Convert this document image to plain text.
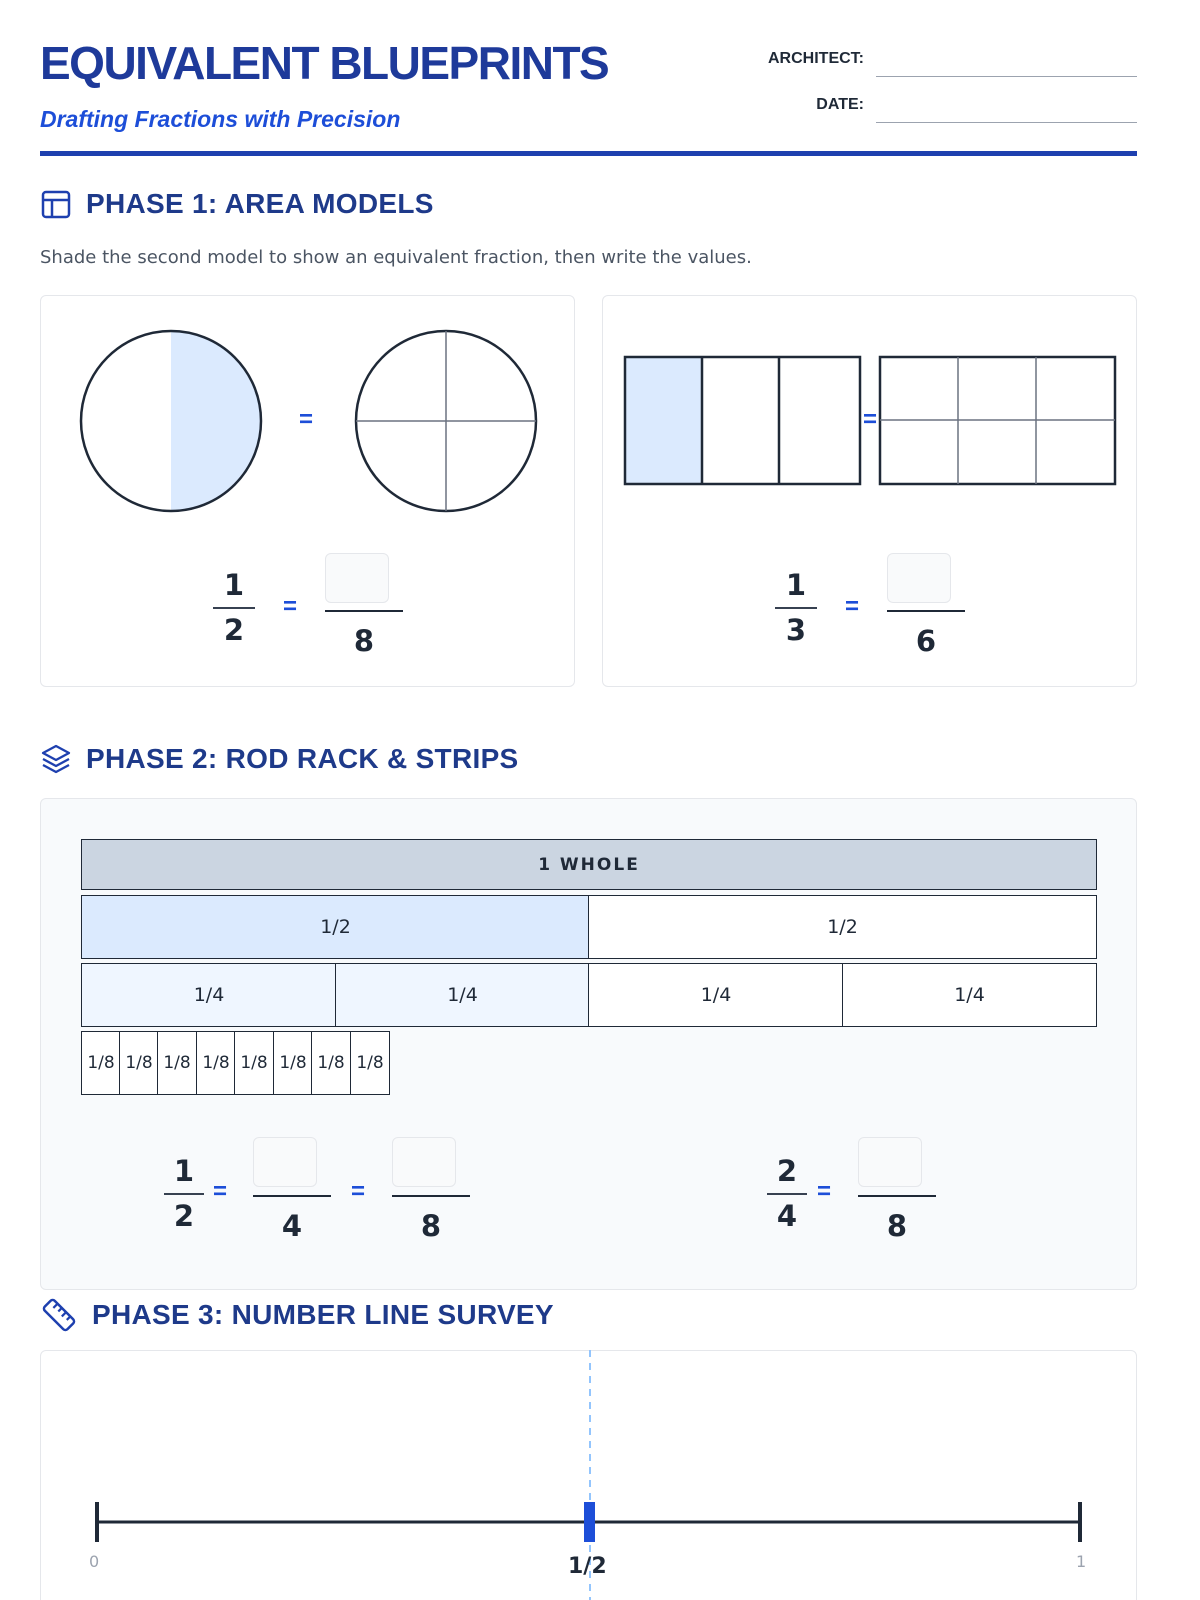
EQUIVALENT BLUEPRINTS
Drafting Fractions with Precision
ARCHITECT:
DATE:
PHASE 1: AREA MODELS
Shade the second model to show an equivalent fraction, then write the values.
=
1
2
=
8
=
1
3
=
6
PHASE 2: ROD RACK & STRIPS
1 WHOLE
1/2	1/2
1/4	1/4	1/4	1/4
1/8 1/8 1/8 1/8 1/8 1/8 1/8 1/8
1
2
=
4
=
8
2
4
=
8
PHASE 3: NUMBER LINE SURVEY
0	1
1/2
